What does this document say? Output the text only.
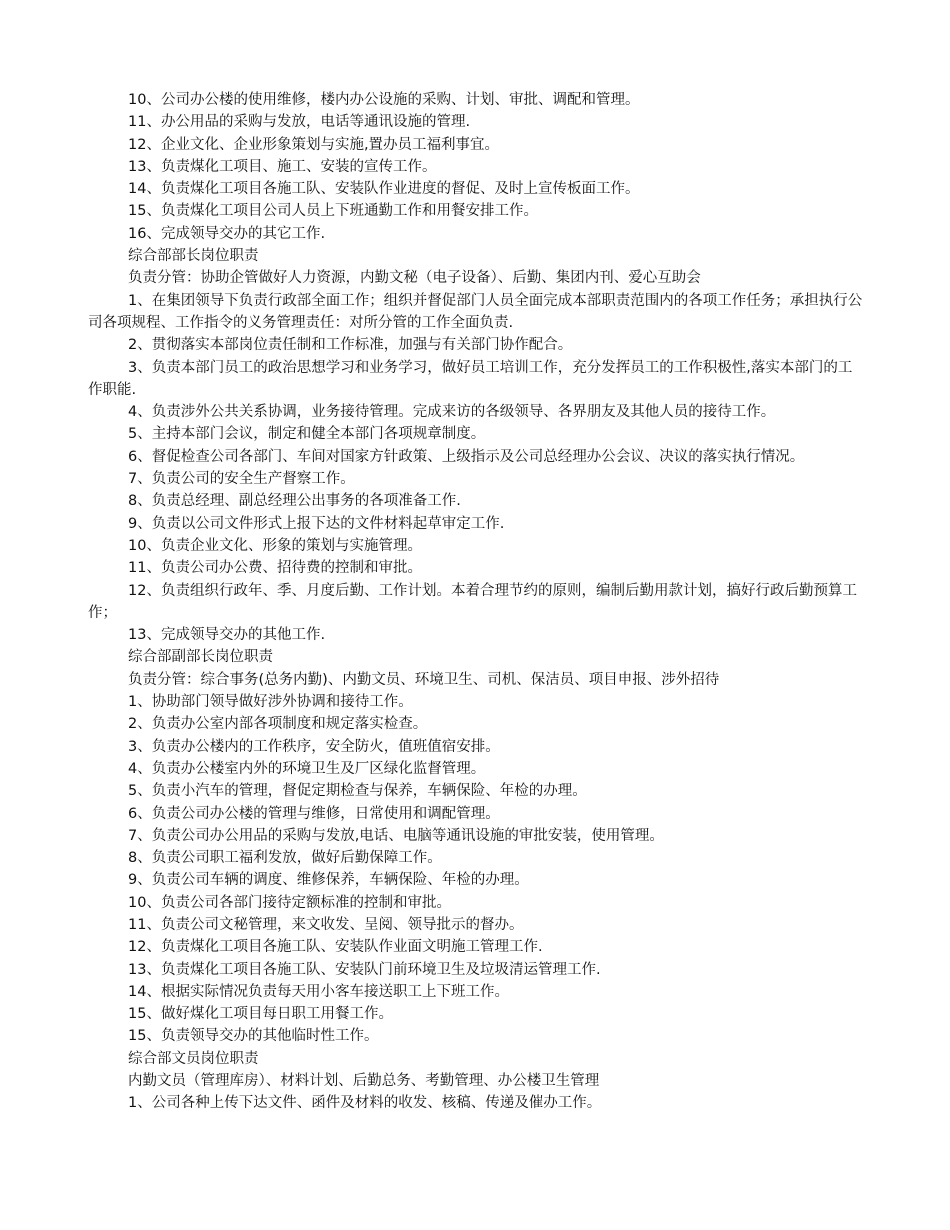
10、公司办公楼的使用维修，楼内办公设施的采购、计划、审批、调配和管理。

11、办公用品的采购与发放，电话等通讯设施的管理.

12、企业文化、企业形象策划与实施,置办员工福利事宜。

13、负责煤化工项目、施工、安装的宣传工作。

14、负责煤化工项目各施工队、安装队作业进度的督促、及时上宣传板面工作。

15、负责煤化工项目公司人员上下班通勤工作和用餐安排工作。

16、完成领导交办的其它工作.

综合部部长岗位职责

负责分管：协助企管做好人力资源，内勤文秘（电子设备）、后勤、集团内刊、爱心互助会

1、在集团领导下负责行政部全面工作；组织并督促部门人员全面完成本部职责范围内的各项工作任务；承担执行公司各项规程、工作指令的义务管理责任：对所分管的工作全面负责.

2、贯彻落实本部岗位责任制和工作标准，加强与有关部门协作配合。

3、负责本部门员工的政治思想学习和业务学习，做好员工培训工作，充分发挥员工的工作积极性,落实本部门的工作职能.

4、负责涉外公共关系协调，业务接待管理。完成来访的各级领导、各界朋友及其他人员的接待工作。

5、主持本部门会议，制定和健全本部门各项规章制度。

6、督促检查公司各部门、车间对国家方针政策、上级指示及公司总经理办公会议、决议的落实执行情况。

7、负责公司的安全生产督察工作。

8、负责总经理、副总经理公出事务的各项准备工作.

9、负责以公司文件形式上报下达的文件材料起草审定工作.

10、负责企业文化、形象的策划与实施管理。

11、负责公司办公费、招待费的控制和审批。

12、负责组织行政年、季、月度后勤、工作计划。本着合理节约的原则，编制后勤用款计划，搞好行政后勤预算工作；

13、完成领导交办的其他工作.

综合部副部长岗位职责

负责分管：综合事务(总务内勤)、内勤文员、环境卫生、司机、保洁员、项目申报、涉外招待

1、协助部门领导做好涉外协调和接待工作。

2、负责办公室内部各项制度和规定落实检查。

3、负责办公楼内的工作秩序，安全防火，值班值宿安排。

4、负责办公楼室内外的环境卫生及厂区绿化监督管理。

5、负责小汽车的管理，督促定期检查与保养，车辆保险、年检的办理。

6、负责公司办公楼的管理与维修，日常使用和调配管理。

7、负责公司办公用品的采购与发放,电话、电脑等通讯设施的审批安装，使用管理。

8、负责公司职工福利发放，做好后勤保障工作。

9、负责公司车辆的调度、维修保养，车辆保险、年检的办理。

10、负责公司各部门接待定额标准的控制和审批。

11、负责公司文秘管理，来文收发、呈阅、领导批示的督办。

12、负责煤化工项目各施工队、安装队作业面文明施工管理工作.

13、负责煤化工项目各施工队、安装队门前环境卫生及垃圾清运管理工作.

14、根据实际情况负责每天用小客车接送职工上下班工作。

15、做好煤化工项目每日职工用餐工作。

15、负责领导交办的其他临时性工作。

综合部文员岗位职责

内勤文员（管理库房）、材料计划、后勤总务、考勤管理、办公楼卫生管理

1、公司各种上传下达文件、函件及材料的收发、核稿、传递及催办工作。
